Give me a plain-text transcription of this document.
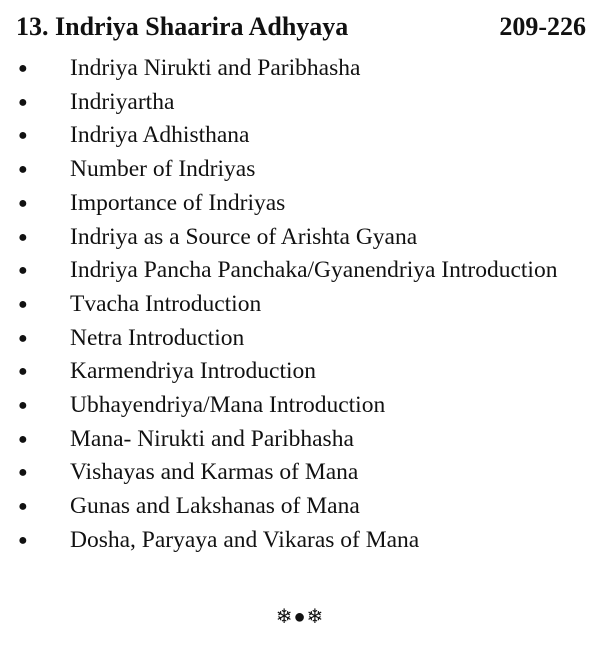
13. Indriya Shaarira Adhyaya	209-226
●	Indriya Nirukti and Paribhasha
●	Indriyartha
●	Indriya Adhisthana
●	Number of Indriyas
●	Importance of Indriyas
●	Indriya as a Source of Arishta Gyana
●	Indriya Pancha Panchaka/Gyanendriya Introduction
●	Tvacha Introduction
●	Netra Introduction
●	Karmendriya Introduction
●	Ubhayendriya/Mana Introduction
●	Mana- Nirukti and Paribhasha
●	Vishayas and Karmas of Mana
●	Gunas and Lakshanas of Mana
●	Dosha, Paryaya and Vikaras of Mana
❄●❄
